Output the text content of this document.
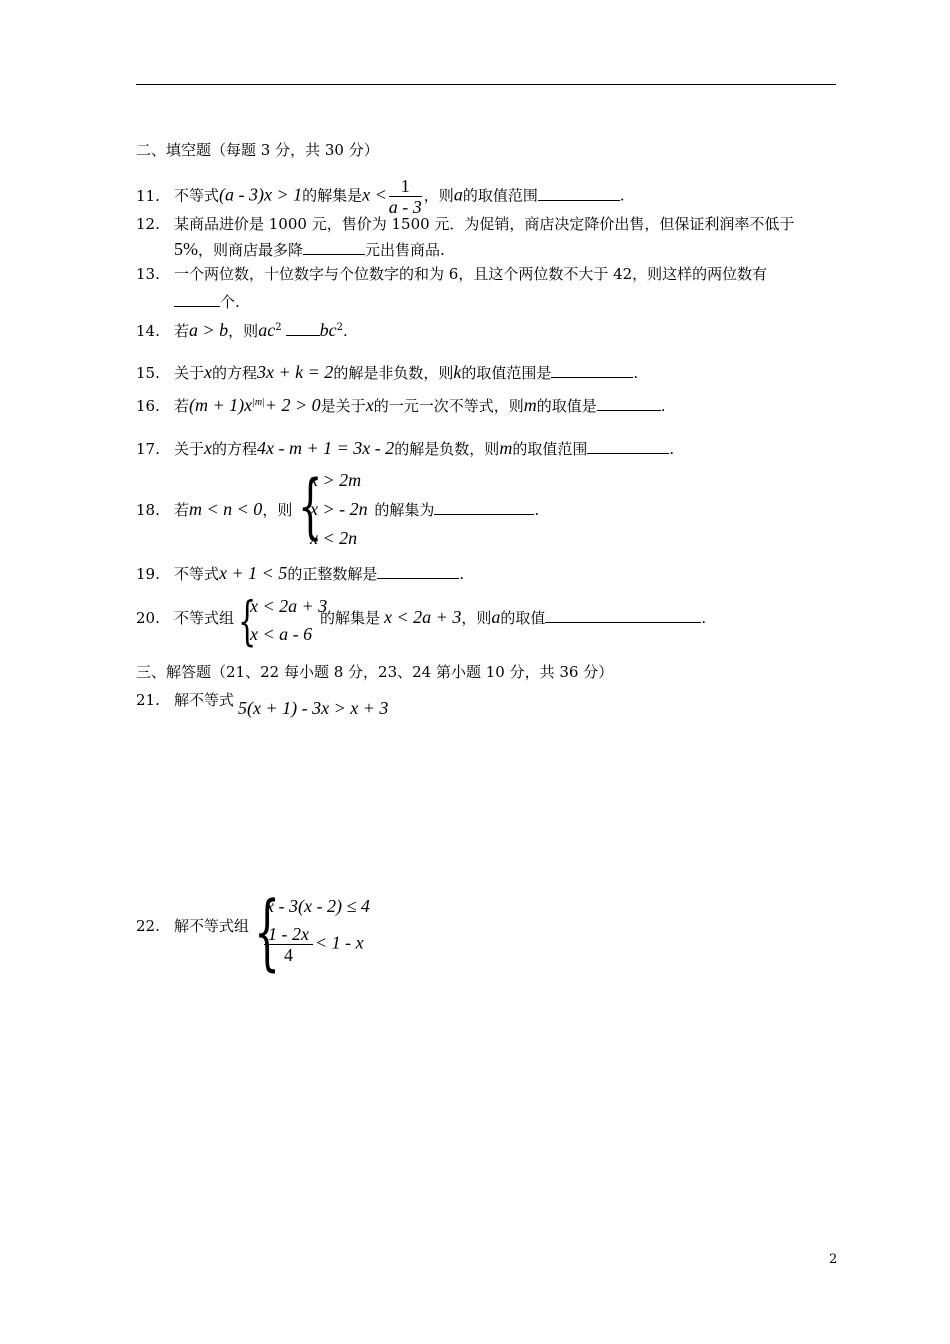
二、填空题（每题 3 分，共 30 分）
11. 不等式(a - 3)x > 1的解集是$x < \frac{1}{a - 3}$ ，则a的取值范围	.
12. 某商品进价是 1000 元，售价为 1500 元．为促销，商店决定降价出售，但保证利润率不低于
5%，则商店最多降	元出售商品.
13. 一个两位数，十位数字与个位数字的和为 6，且这个两位数不大于 42，则这样的两位数有
个.
14. 若a > b，则$ac^2$ $bc^2$.
15. 关于x的方程3x + k = 2的解是非负数，则k的取值范围是	.
16. 若$(m + 1)x^{|m|}+ 2 > 0$是关于x的一元一次不等式，则m的取值是	.
17. 关于x的方程4x - m + 1 = 3x - 2的解是负数，则m的取值范围	.
18. 若m < n < 0，则	的解集为	.
{
x > 2m
x > - 2n
x < 2n
19. 不等式x + 1 < 5的正整数解是	.
20. 不等式组	的解集是 x < 2a + 3，则a的取值	.
{
x < 2a + 3
x < a - 6
三、解答题（21、22 每小题 8 分，23、24 第小题 10 分，共 36 分）
21. 解不等式 5(x + 1) - 3x > x + 3
22. 解不等式组 {
x - 3(x - 2) ≤ 4
$\frac{1 - 2x}{4} < 1 - x$
2
